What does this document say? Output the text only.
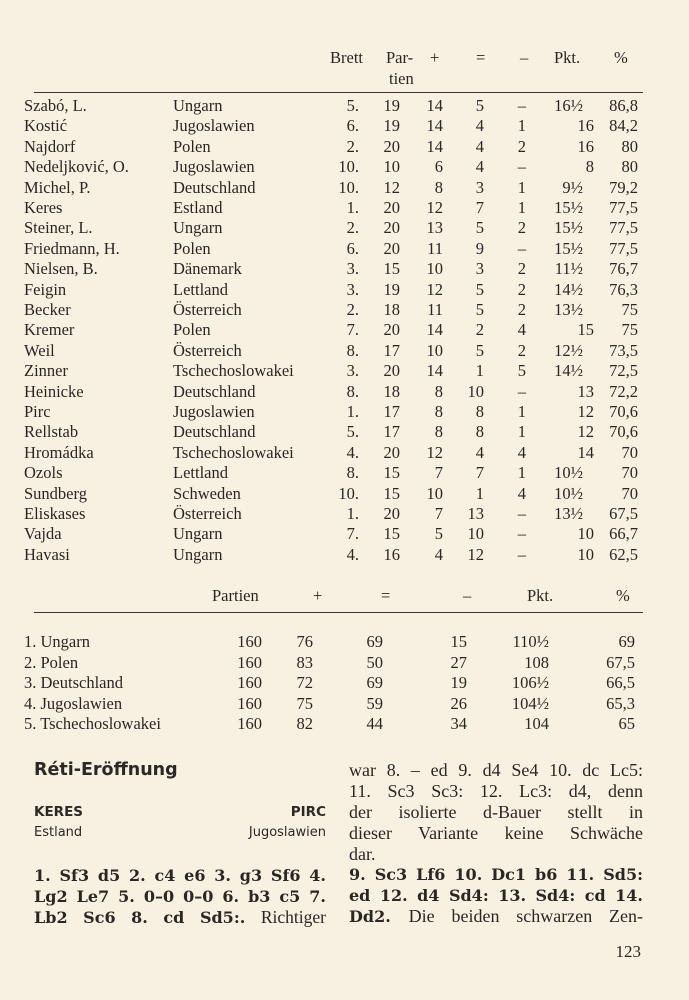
Brett Par-
tien
+ = – Pkt. %
Szabó, L.	Ungarn	5. 19 14 5 – 16½ 86,8
Kostić	Jugoslawien	6. 19 14 4 1	16 84,2
Najdorf	Polen	2. 20 14 4 2	16 80
Nedeljković, O.	Jugoslawien	10. 10 6 4 –	8 80
Michel, P.	Deutschland	10. 12 8 3 1 9½ 79,2
Keres	Estland	1. 20 12 7 1 15½ 77,5
Steiner, L.	Ungarn	2. 20 13 5 2 15½ 77,5
Friedmann, H.	Polen	6. 20 11 9 – 15½ 77,5
Nielsen, B.	Dänemark	3. 15 10 3 2 11½ 76,7
Feigin	Lettland	3. 19 12 5 2 14½ 76,3
Becker	Österreich	2. 18 11 5 2 13½ 75
Kremer	Polen	7. 20 14 2 4	15 75
Weil	Österreich	8. 17 10 5 2 12½ 73,5
Zinner	Tschechoslowakei	3. 20 14 1 5 14½ 72,5
Heinicke	Deutschland	8. 18 8 10 –	13 72,2
Pirc	Jugoslawien	1. 17 8 8 1	12 70,6
Rellstab	Deutschland	5. 17 8 8 1	12 70,6
Hromádka	Tschechoslowakei	4. 20 12 4 4	14 70
Ozols	Lettland	8. 15 7 7 1 10½ 70
Sundberg	Schweden	10. 15 10 1 4 10½ 70
Eliskases	Österreich	1. 20 7 13 – 13½ 67,5
Vajda	Ungarn	7. 15 5 10 –	10 66,7
Havasi	Ungarn	4. 16 4 12 –	10 62,5
Partien	+	=	–	Pkt.	%
1. Ungarn	160 76	69	15	110½	69
2. Polen	160 83	50	27	108	67,5
3. Deutschland	160 72	69	19	106½	66,5
4. Jugoslawien	160 75	59	26	104½	65,3
5. Tschechoslowakei	160 82	44	34	104	65
Réti-Eröffnung
KERES	PIRC
Estland	Jugoslawien
1. Sf3 d5 2. c4 e6 3. g3 Sf6 4.
Lg2 Le7 5. 0–0 0–0 6. b3 c5 7.
Lb2 Sc6 8. cd Sd5:. Richtiger
war 8. – ed 9. d4 Se4 10. dc Lc5:
11. Sc3 Sc3: 12. Lc3: d4, denn
der isolierte d-Bauer stellt in
dieser Variante keine Schwäche
dar.
9. Sc3 Lf6 10. Dc1 b6 11. Sd5:
ed 12. d4 Sd4: 13. Sd4: cd 14.
Dd2. Die beiden schwarzen Zen-
123
